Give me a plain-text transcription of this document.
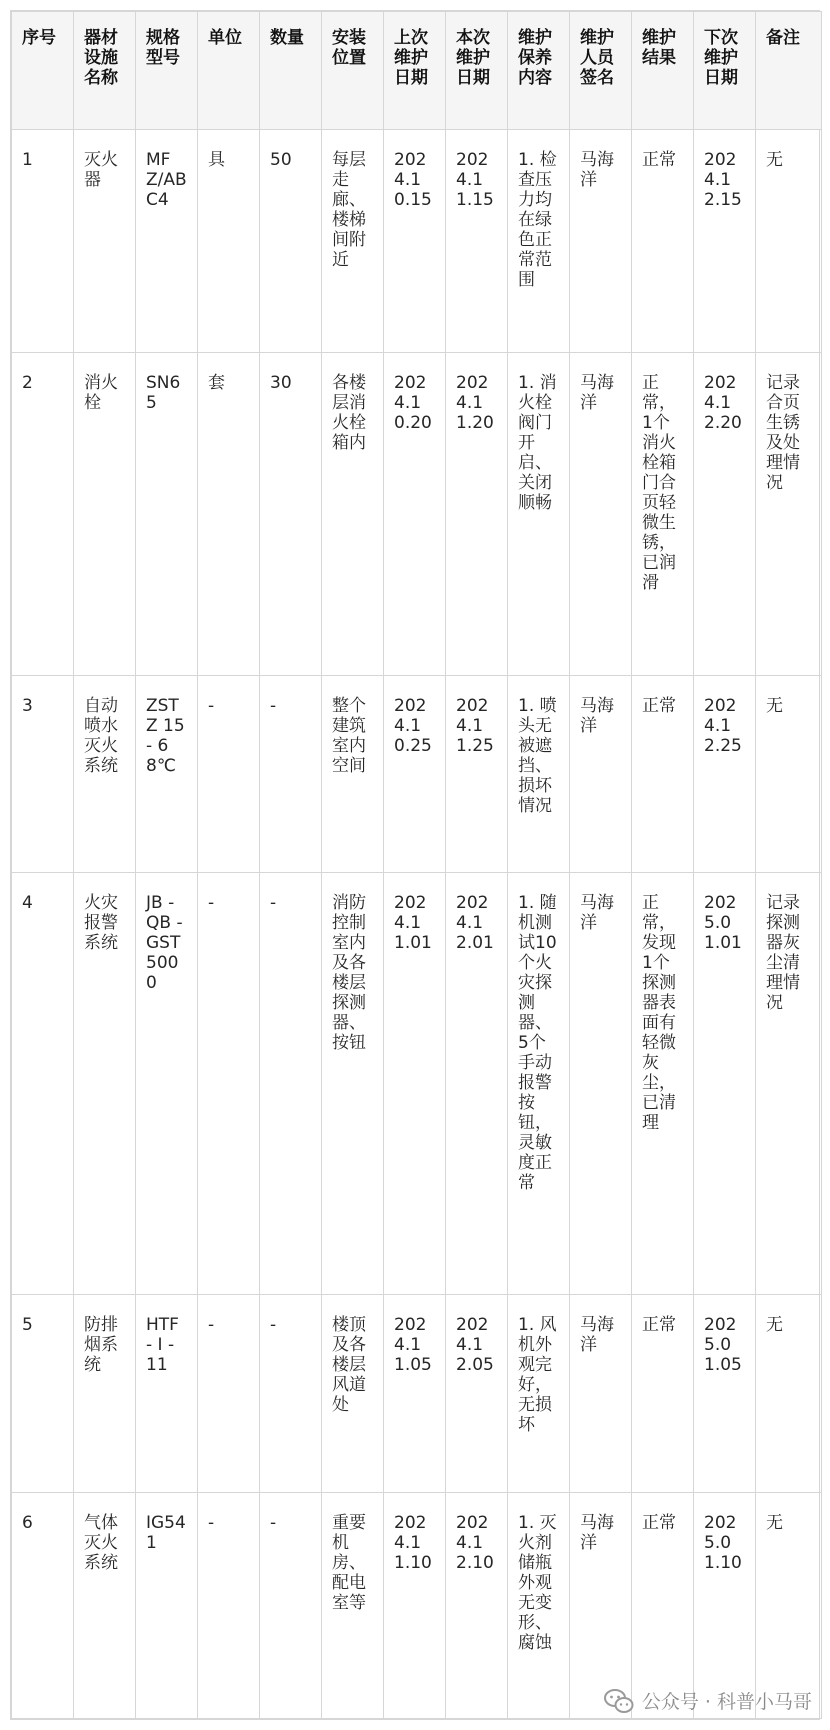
序号	器材设施名称	规格型号	单位	数量	安装位置	上次维护日期	本次维护日期	维护保养内容	维护人员签名	维护结果	下次维护日期	备注
1	灭火器	MFZ/ABC4	具	50	每层走廊、楼梯间附近	2024.10.15	2024.11.15	1. 检查压力均在绿色正常范围	马海洋	正常	2024.12.15	无
2	消火栓	SN65	套	30	各楼层消火栓箱内	2024.10.20	2024.11.20	1. 消火栓阀门开启、关闭顺畅	马海洋	正常，1个消火栓箱门合页轻微生锈，已润滑	2024.12.20	记录合页生锈及处理情况
3	自动喷水灭火系统	ZSTZ 15 - 68℃	-	-	整个建筑室内空间	2024.10.25	2024.11.25	1. 喷头无被遮挡、损坏情况	马海洋	正常	2024.12.25	无
4	火灾报警系统	JB - QB - GST5000	-	-	消防控制室内及各楼层探测器、按钮	2024.11.01	2024.12.01	1. 随机测试10个火灾探测器、5个手动报警按钮，灵敏度正常	马海洋	正常，发现1个探测器表面有轻微灰尘，已清理	2025.01.01	记录探测器灰尘清理情况
5	防排烟系统	HTF - I - 11	-	-	楼顶及各楼层风道处	2024.11.05	2024.12.05	1. 风机外观完好，无损坏	马海洋	正常	2025.01.05	无
6	气体灭火系统	IG541	-	-	重要机房、配电室等	2024.11.10	2024.12.10	1. 灭火剂储瓶外观无变形、腐蚀	马海洋	正常	2025.01.10	无
公众号 · 科普小马哥
